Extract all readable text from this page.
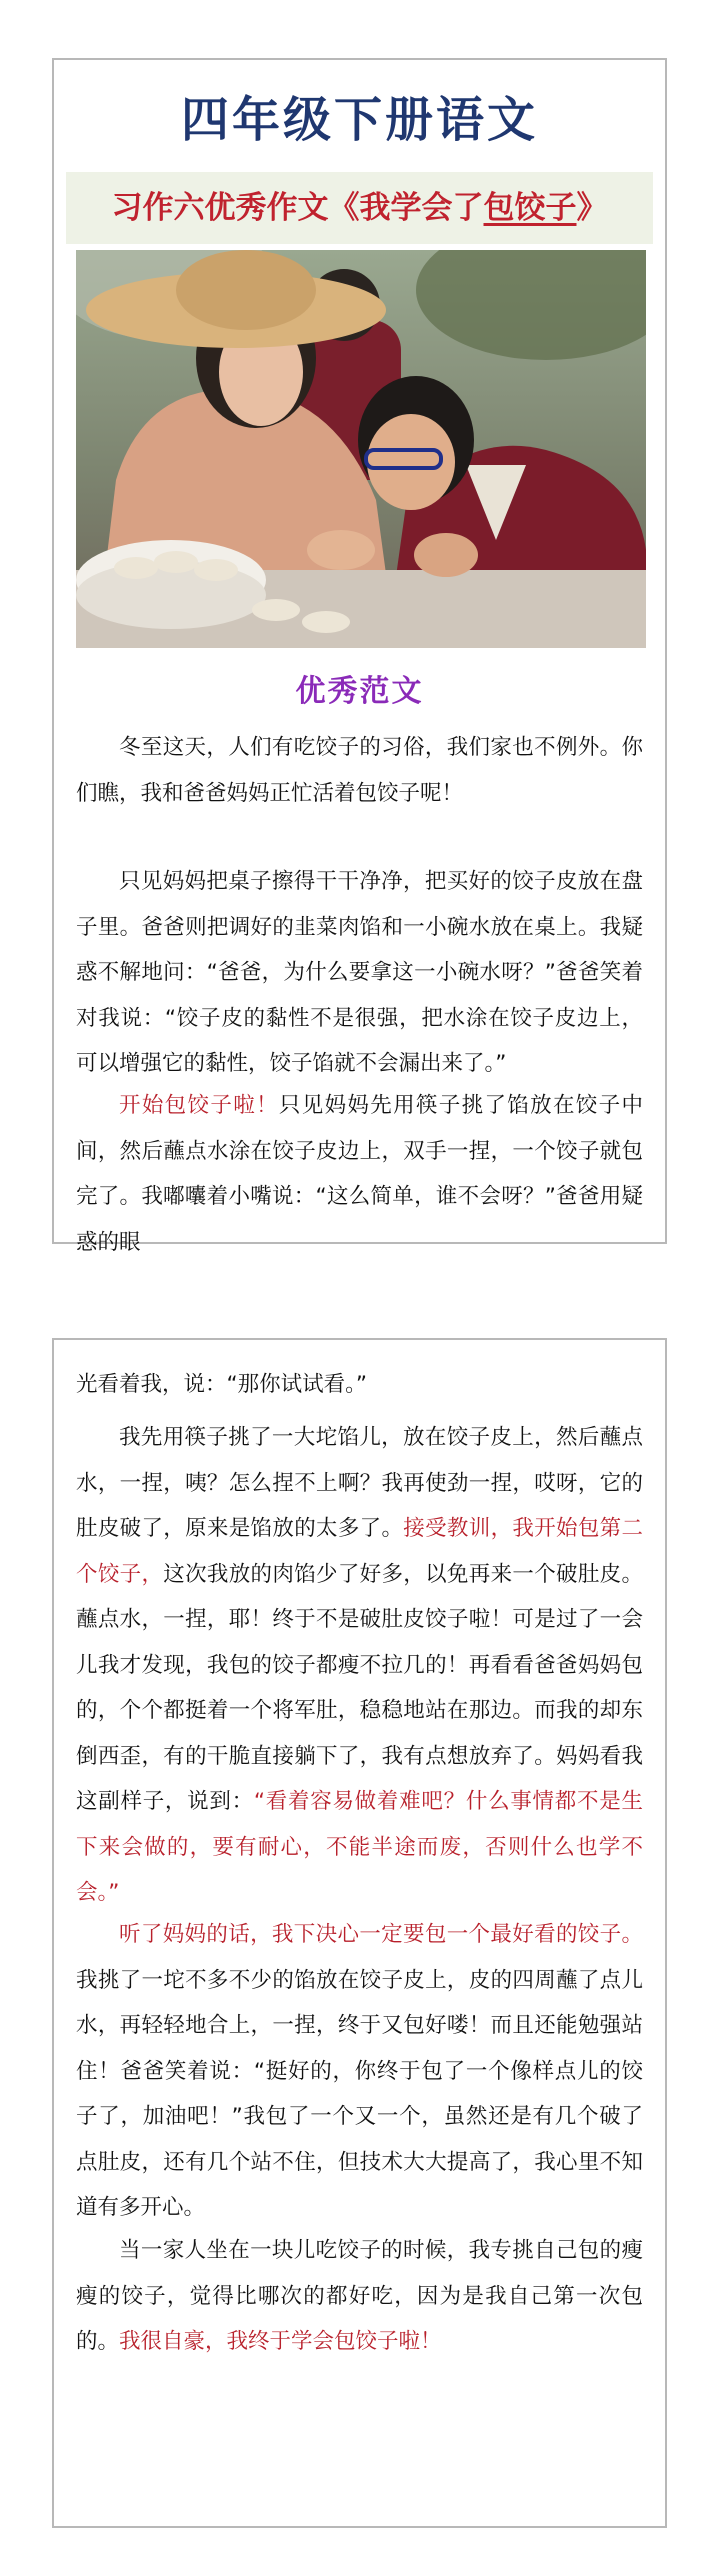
四年级下册语文
习作六优秀作文《我学会了包饺子》
优秀范文

冬至这天，人们有吃饺子的习俗，我们家也不例外。你们瞧，我和爸爸妈妈正忙活着包饺子呢！

只见妈妈把桌子擦得干干净净，把买好的饺子皮放在盘子里。爸爸则把调好的韭菜肉馅和一小碗水放在桌上。我疑惑不解地问：“爸爸，为什么要拿这一小碗水呀？”爸爸笑着对我说：“饺子皮的黏性不是很强，把水涂在饺子皮边上，可以增强它的黏性，饺子馅就不会漏出来了。”

开始包饺子啦！只见妈妈先用筷子挑了馅放在饺子中间，然后蘸点水涂在饺子皮边上，双手一捏，一个饺子就包完了。我嘟囔着小嘴说：“这么简单，谁不会呀？”爸爸用疑惑的眼

光看着我，说：“那你试试看。”

我先用筷子挑了一大坨馅儿，放在饺子皮上，然后蘸点水，一捏，咦？怎么捏不上啊？我再使劲一捏，哎呀，它的肚皮破了，原来是馅放的太多了。接受教训，我开始包第二个饺子，这次我放的肉馅少了好多，以免再来一个破肚皮。蘸点水，一捏，耶！终于不是破肚皮饺子啦！可是过了一会儿我才发现，我包的饺子都瘦不拉几的！再看看爸爸妈妈包的，个个都挺着一个将军肚，稳稳地站在那边。而我的却东倒西歪，有的干脆直接躺下了，我有点想放弃了。妈妈看我这副样子，说到：“看着容易做着难吧？什么事情都不是生下来会做的，要有耐心，不能半途而废，否则什么也学不会。”

听了妈妈的话，我下决心一定要包一个最好看的饺子。我挑了一坨不多不少的馅放在饺子皮上，皮的四周蘸了点儿水，再轻轻地合上，一捏，终于又包好喽！而且还能勉强站住！爸爸笑着说：“挺好的，你终于包了一个像样点儿的饺子了，加油吧！”我包了一个又一个，虽然还是有几个破了点肚皮，还有几个站不住，但技术大大提高了，我心里不知道有多开心。

当一家人坐在一块儿吃饺子的时候，我专挑自己包的瘦瘦的饺子，觉得比哪次的都好吃，因为是我自己第一次包的。我很自豪，我终于学会包饺子啦！
